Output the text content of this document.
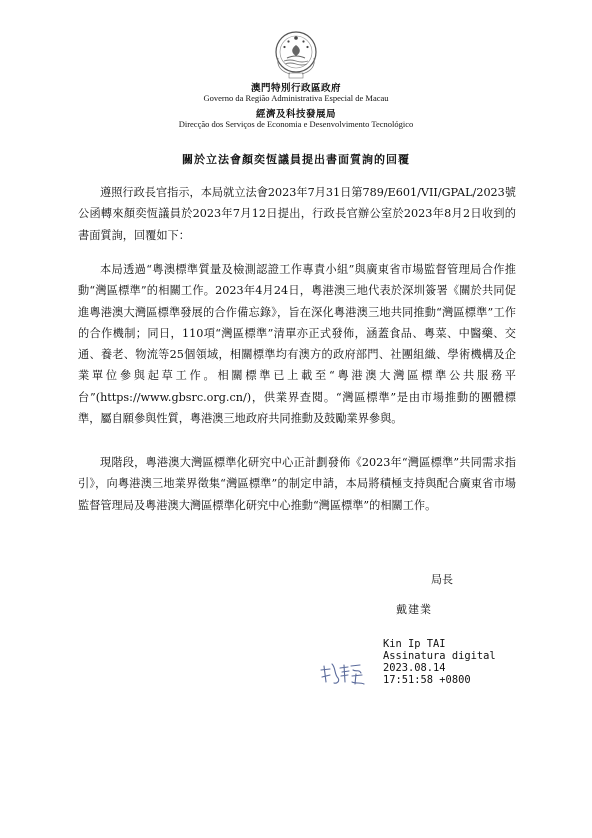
澳門特別行政區政府
Governo da Região Administrativa Especial de Macau
經濟及科技發展局
Direcção dos Serviços de Economia e Desenvolvimento Tecnológico
關於立法會顏奕恆議員提出書面質詢的回覆

遵照行政長官指示，本局就立法會2023年7月31日第789/E601/VII/GPAL/2023號公函轉來顏奕恆議員於2023年7月12日提出，行政長官辦公室於2023年8月2日收到的書面質詢，回覆如下：

本局透過“粵澳標準質量及檢測認證工作專責小組”與廣東省市場監督管理局合作推動“灣區標準”的相關工作。2023年4月24日，粵港澳三地代表於深圳簽署《關於共同促進粵港澳大灣區標準發展的合作備忘錄》，旨在深化粵港澳三地共同推動“灣區標準”工作的合作機制；同日，110項“灣區標準”清單亦正式發佈，涵蓋食品、粵菜、中醫藥、交通、養老、物流等25個領域，相關標準均有澳方的政府部門、社團組織、學術機構及企業單位參與起草工作。相關標準已上載至“粵港澳大灣區標準公共服務平台”(https://www.gbsrc.org.cn/)，供業界查閱。“灣區標準”是由市場推動的團體標準，屬自願參與性質，粵港澳三地政府共同推動及鼓勵業界參與。

現階段，粵港澳大灣區標準化研究中心正計劃發佈《2023年“灣區標準”共同需求指引》，向粵港澳三地業界徵集“灣區標準”的制定申請，本局將積極支持與配合廣東省市場監督管理局及粵港澳大灣區標準化研究中心推動“灣區標準”的相關工作。

局長
戴建業
Kin Ip TAI
Assinatura digital
2023.08.14
17:51:58 +0800
